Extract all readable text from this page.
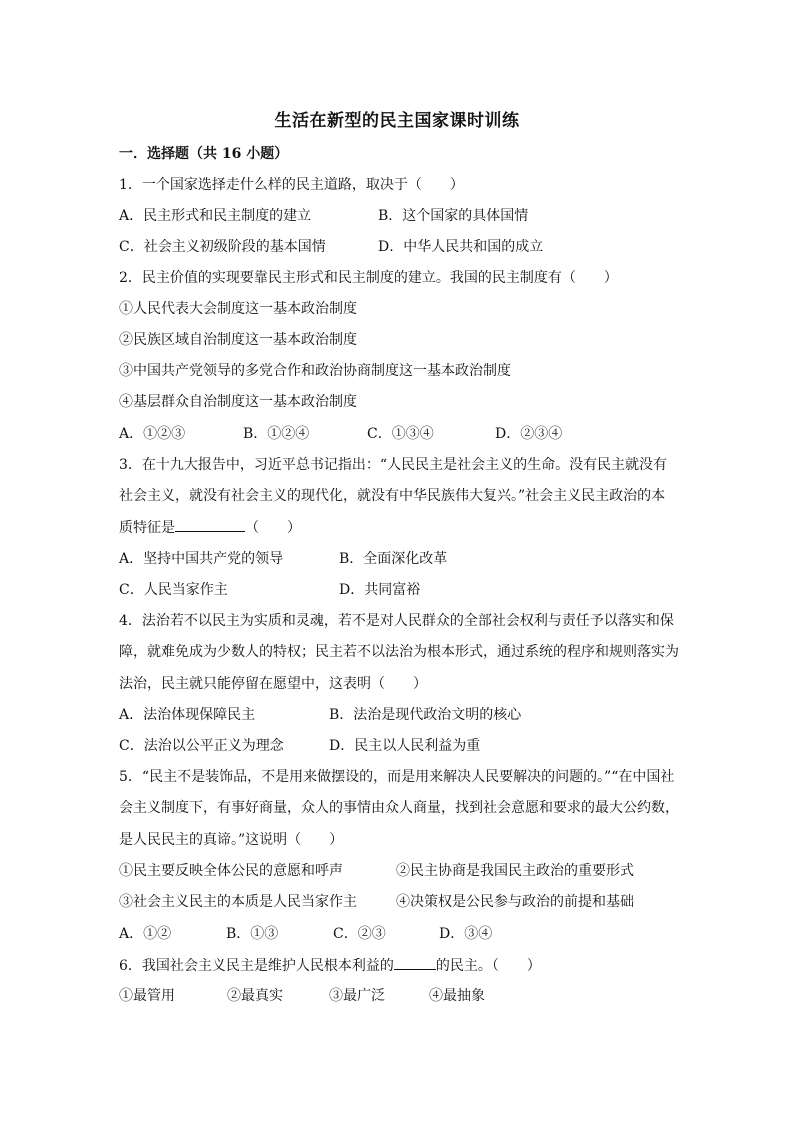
生活在新型的民主国家课时训练
一．选择题（共 16 小题）
1．一个国家选择走什么样的民主道路，取决于（　　）
A．民主形式和民主制度的建立	B．这个国家的具体国情
C．社会主义初级阶段的基本国情	D．中华人民共和国的成立
2．民主价值的实现要靠民主形式和民主制度的建立。我国的民主制度有（　　）
①人民代表大会制度这一基本政治制度
②民族区域自治制度这一基本政治制度
③中国共产党领导的多党合作和政治协商制度这一基本政治制度
④基层群众自治制度这一基本政治制度
A．①②③	B．①②④	C．①③④	D．②③④
3．在十九大报告中，习近平总书记指出：“人民民主是社会主义的生命。没有民主就没有
社会主义，就没有社会主义的现代化，就没有中华民族伟大复兴。”社会主义民主政治的本
质特征是	（　　）
A．坚持中国共产党的领导	B．全面深化改革
C．人民当家作主	D．共同富裕
4．法治若不以民主为实质和灵魂，若不是对人民群众的全部社会权利与责任予以落实和保
障，就难免成为少数人的特权；民主若不以法治为根本形式，通过系统的程序和规则落实为
法治，民主就只能停留在愿望中，这表明（　　）
A．法治体现保障民主	B．法治是现代政治文明的核心
C．法治以公平正义为理念	D．民主以人民利益为重
5．“民主不是装饰品，不是用来做摆设的，而是用来解决人民要解决的问题的。”“在中国社
会主义制度下，有事好商量，众人的事情由众人商量，找到社会意愿和要求的最大公约数，
是人民民主的真谛。”这说明（　　）
①民主要反映全体公民的意愿和呼声	②民主协商是我国民主政治的重要形式
③社会主义民主的本质是人民当家作主	④决策权是公民参与政治的前提和基础
A．①②	B．①③	C．②③	D．③④
6．我国社会主义民主是维护人民根本利益的	的民主。（　　）
①最管用	②最真实	③最广泛	④最抽象
